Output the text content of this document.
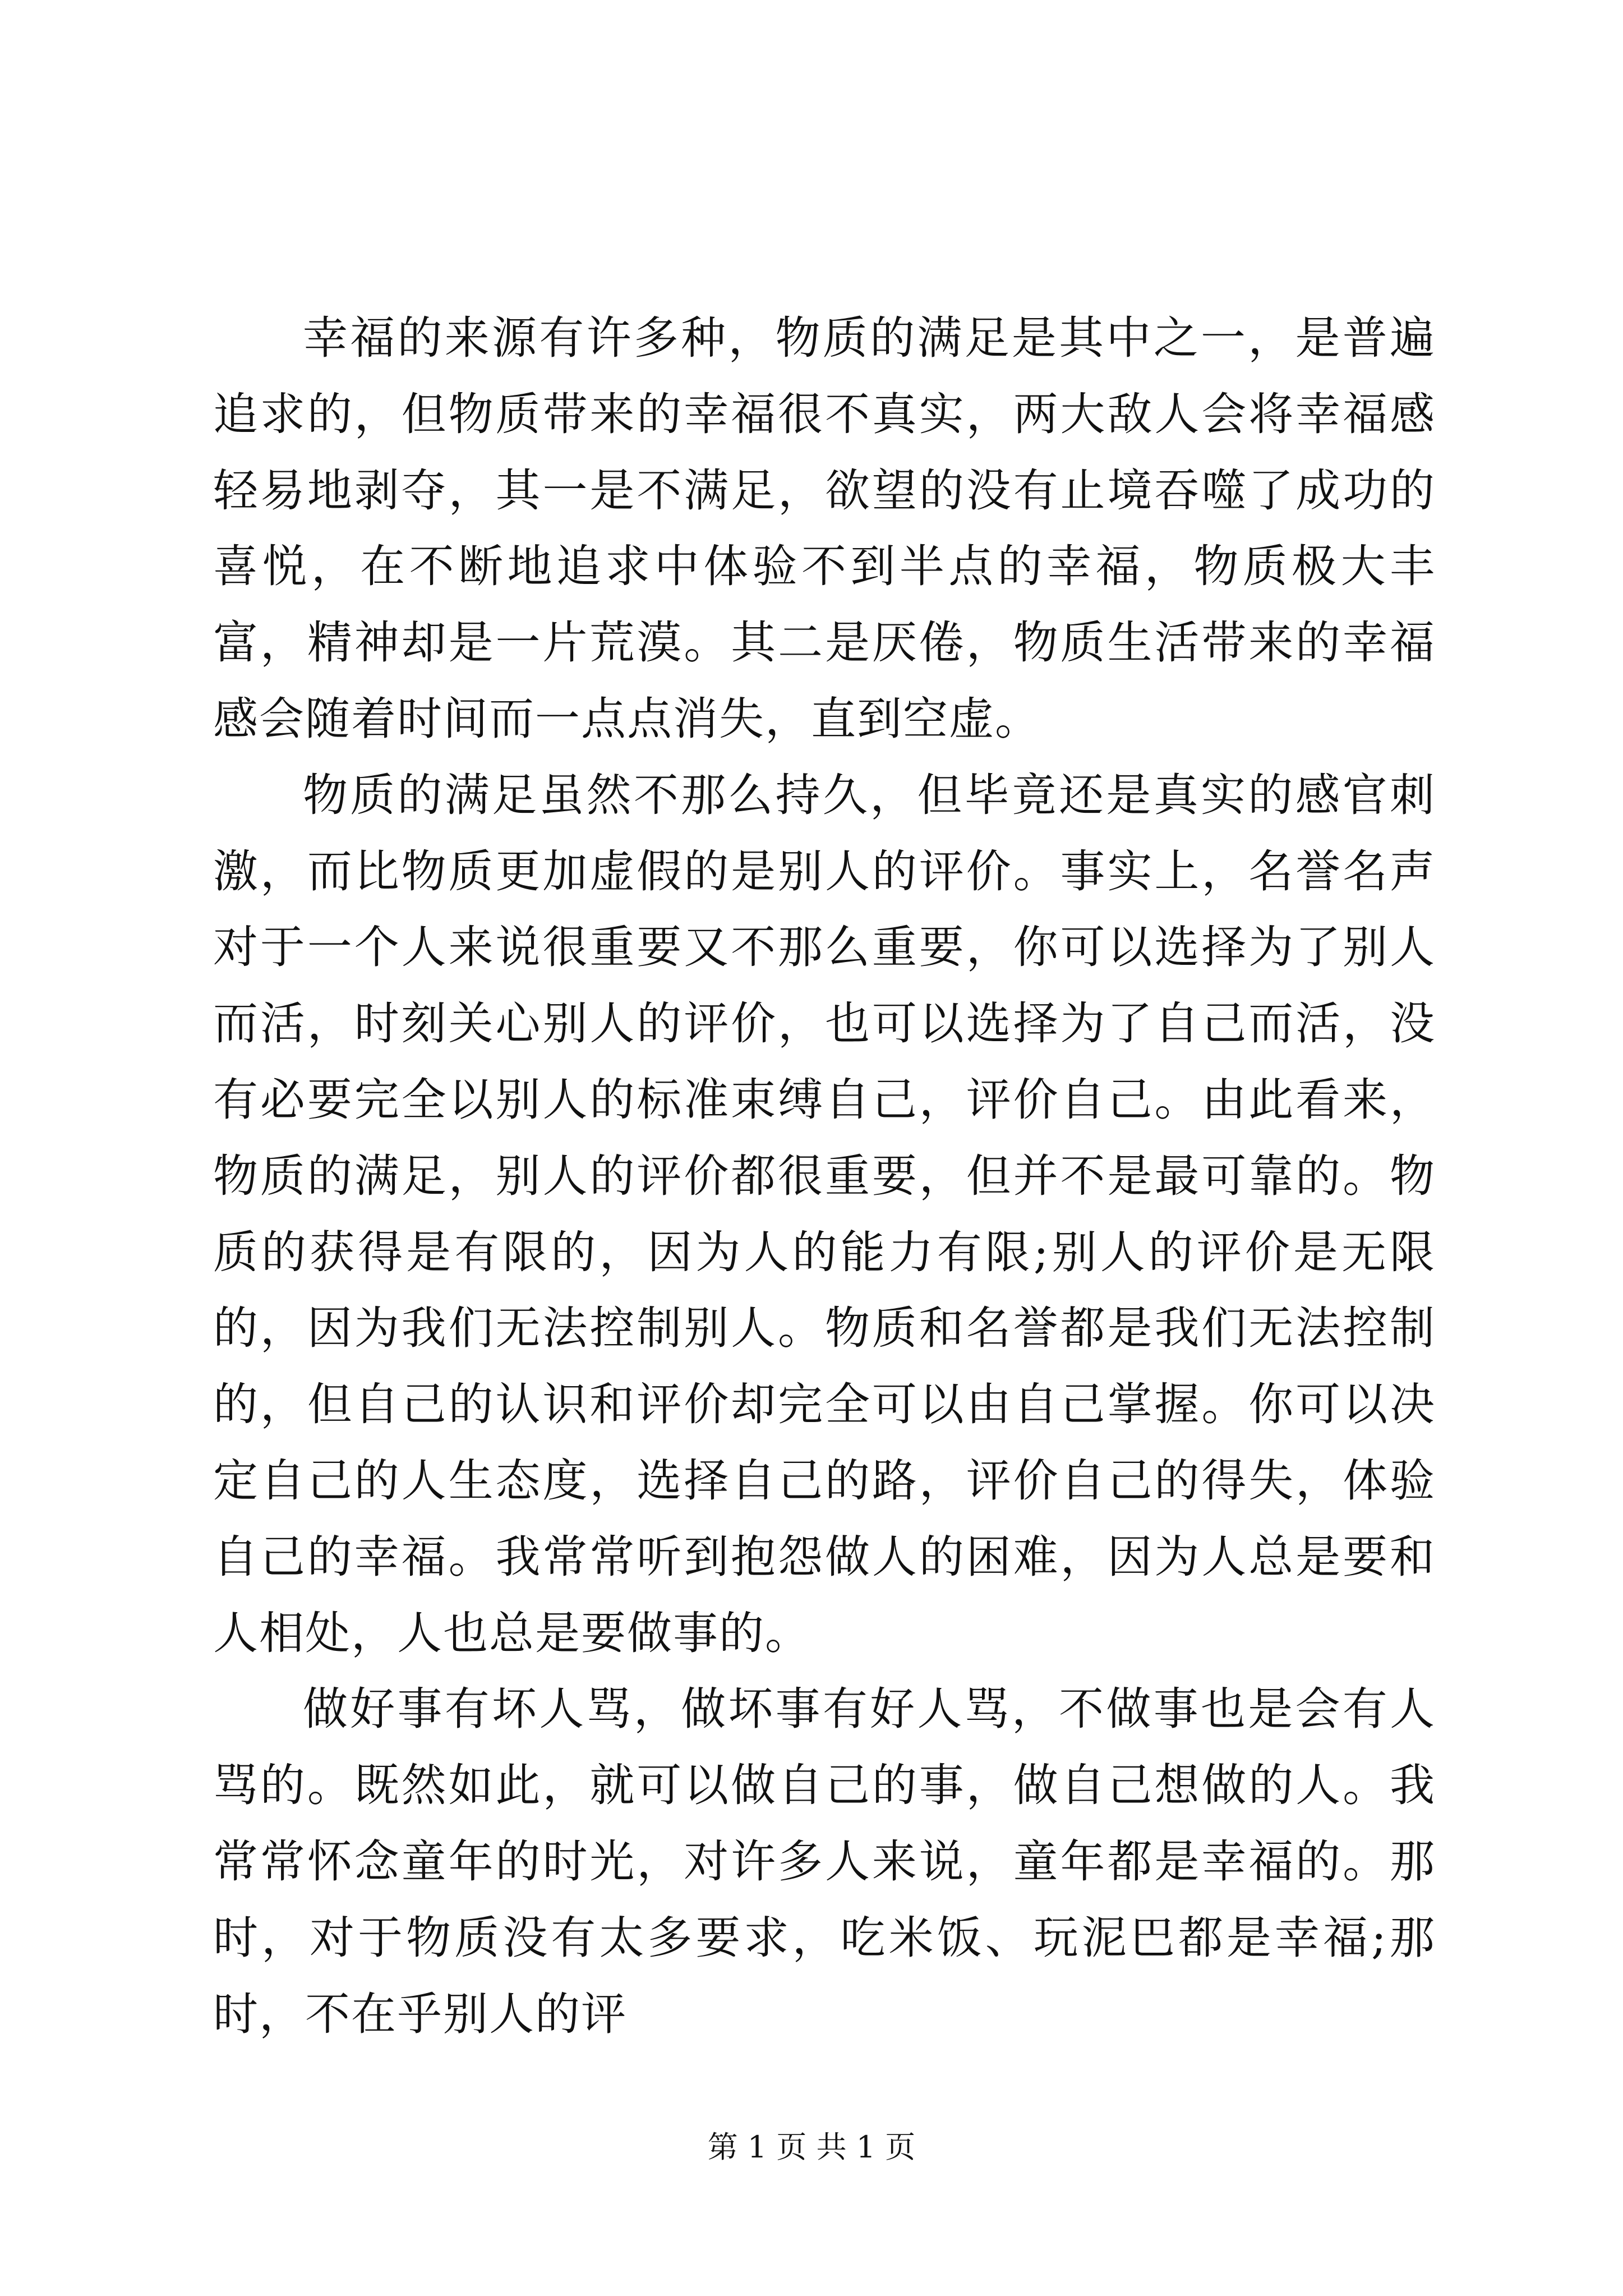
幸福的来源有许多种，物质的满足是其中之一，是普遍追求的，但物质带来的幸福很不真实，两大敌人会将幸福感轻易地剥夺，其一是不满足，欲望的没有止境吞噬了成功的喜悦，在不断地追求中体验不到半点的幸福，物质极大丰富，精神却是一片荒漠。其二是厌倦，物质生活带来的幸福感会随着时间而一点点消失，直到空虚。

物质的满足虽然不那么持久，但毕竟还是真实的感官刺激，而比物质更加虚假的是别人的评价。事实上，名誉名声对于一个人来说很重要又不那么重要，你可以选择为了别人而活，时刻关心别人的评价，也可以选择为了自己而活，没有必要完全以别人的标准束缚自己，评价自己。由此看来，物质的满足，别人的评价都很重要，但并不是最可靠的。物质的获得是有限的，因为人的能力有限;别人的评价是无限的，因为我们无法控制别人。物质和名誉都是我们无法控制的，但自己的认识和评价却完全可以由自己掌握。你可以决定自己的人生态度，选择自己的路，评价自己的得失，体验自己的幸福。我常常听到抱怨做人的困难，因为人总是要和人相处，人也总是要做事的。

做好事有坏人骂，做坏事有好人骂，不做事也是会有人骂的。既然如此，就可以做自己的事，做自己想做的人。我常常怀念童年的时光，对许多人来说，童年都是幸福的。那时，对于物质没有太多要求，吃米饭、玩泥巴都是幸福;那时，不在乎别人的评

第 1 页 共 1 页
